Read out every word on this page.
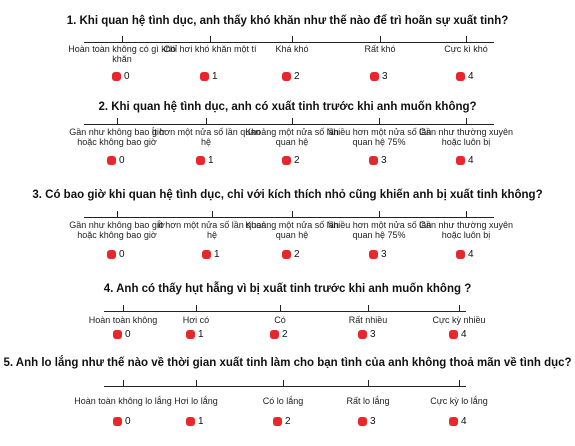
1. Khi quan hệ tình dục, anh thấy khó khăn như thế nào để trì hoãn sự xuất tinh?
Hoàn toàn không có gì khó khăn
0
Chỉ hơi khó khăn một tí
1
Khá khó
2
Rất khó
3
Cực kì khó
4
2. Khi quan hệ tình dục, anh có xuất tinh trước khi anh muốn không?
Gần như không bao giờ hoặc không bao giờ
0
Ít hơn một nửa số lần quan hệ
1
Khoảng một nửa số lần quan hệ
2
Nhiều hơn một nửa số lần quan hệ 75%
3
Gần như thường xuyên hoặc luôn bị
4
3. Có bao giờ khi quan hệ tình dục, chỉ với kích thích nhỏ cũng khiến anh bị xuất tinh không?
Gần như không bao giờ hoặc không bao giờ
0
Ít hơn một nửa số lần quan hệ
1
Khoảng một nửa số lần quan hệ
2
Nhiều hơn một nửa số lần quan hệ 75%
3
Gần như thường xuyên hoặc luôn bị
4
4. Anh có thấy hụt hẫng vì bị xuất tinh trước khi anh muốn không ?
Hoàn toàn không
0
Hơi có
1
Có
2
Rất nhiều
3
Cực kỳ nhiều
4
5. Anh lo lắng như thế nào về thời gian xuất tinh làm cho bạn tình của anh không thoả mãn về tình dục?
Hoàn toàn không lo lắng
0
Hơi lo lắng
1
Có lo lắng
2
Rất lo lắng
3
Cực kỳ lo lắng
4
